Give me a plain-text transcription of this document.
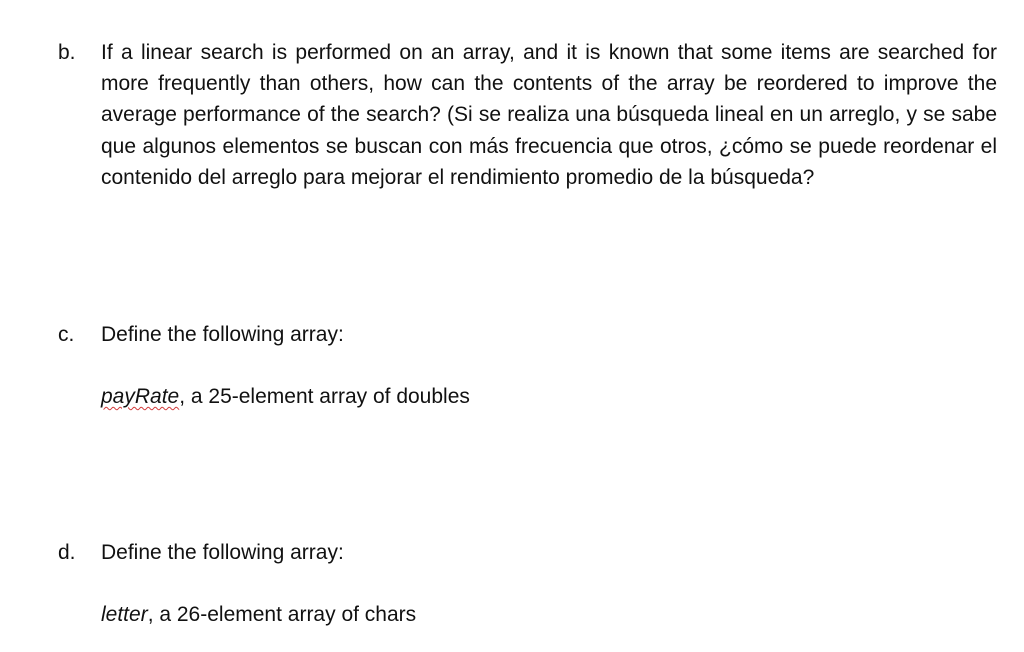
b. If a linear search is performed on an array, and it is known that some items are searched for more frequently than others, how can the contents of the array be reordered to improve the average performance of the search? (Si se realiza una búsqueda lineal en un arreglo, y se sabe que algunos elementos se buscan con más frecuencia que otros, ¿cómo se puede reordenar el contenido del arreglo para mejorar el rendimiento promedio de la búsqueda?
c. Define the following array:
payRate, a 25-element array of doubles
d. Define the following array:
letter, a 26-element array of chars
